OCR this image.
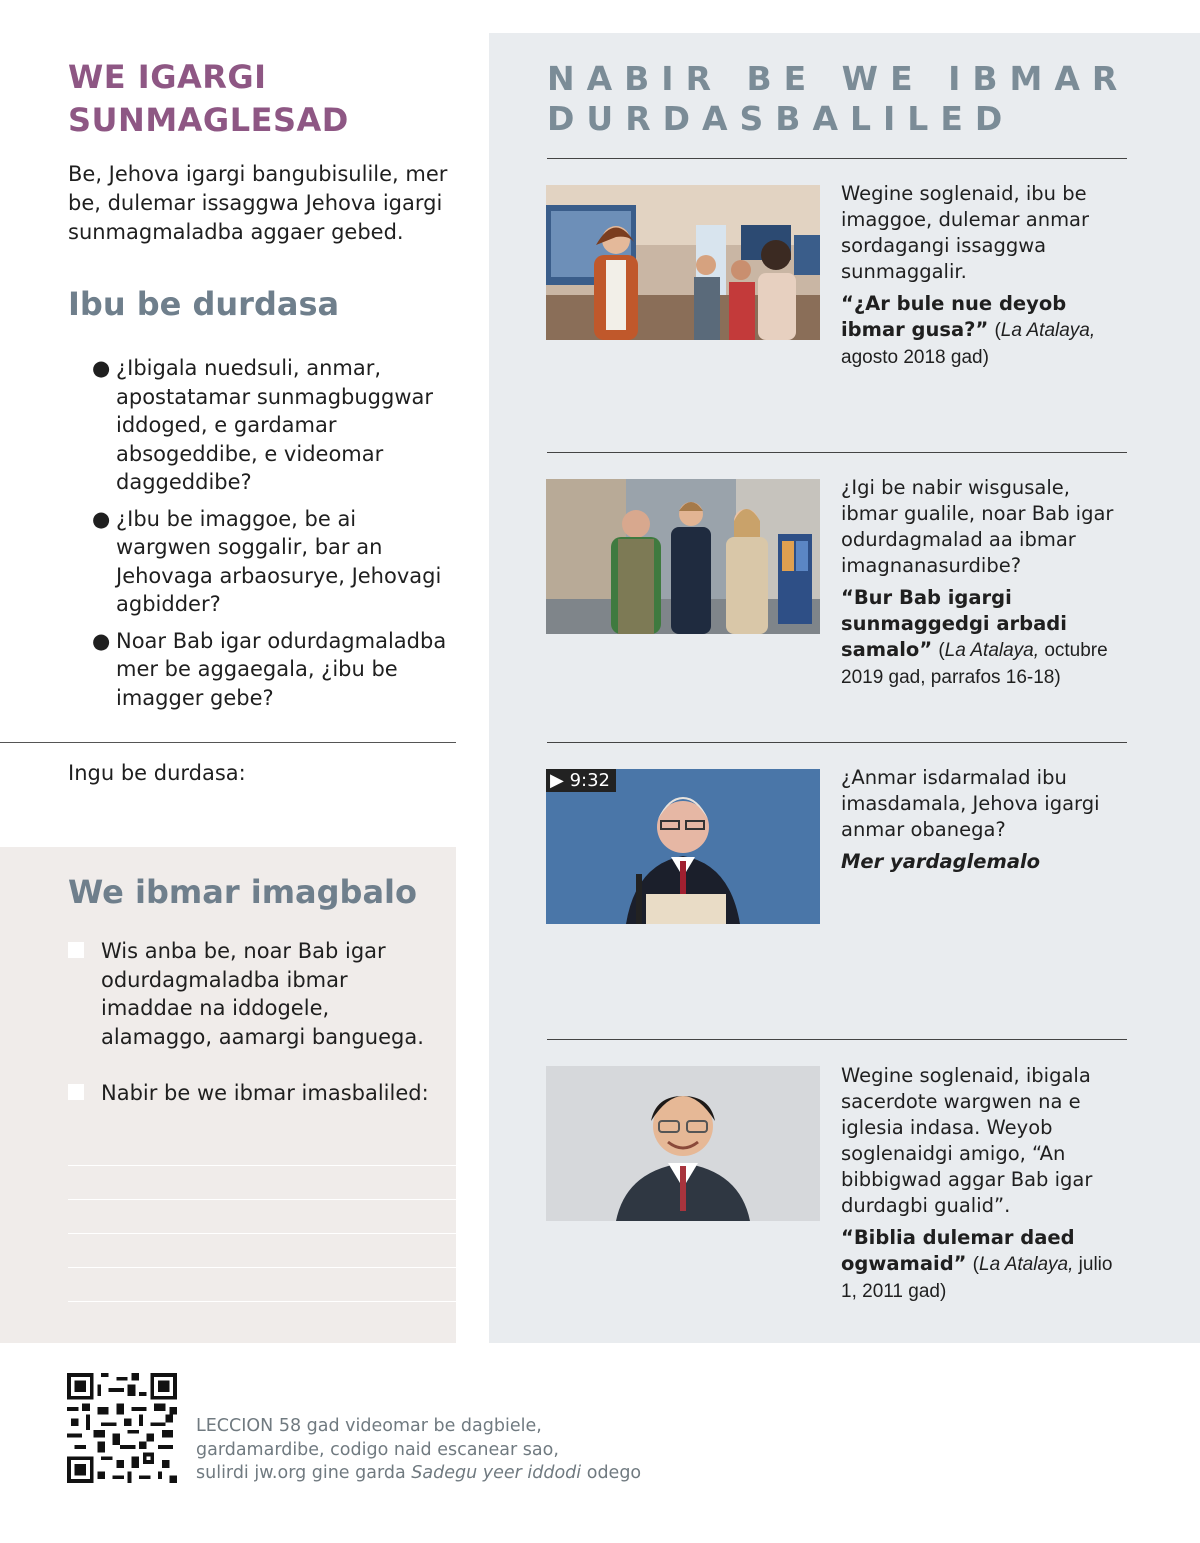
WE IGARGI SUNMAGLESAD

Be, Jehova igargi bangubisulile, mer be, dulemar issaggwa Jehova igargi sunmagmaladba aggaer gebed.

Ibu be durdasa
● ¿Ibigala nuedsuli, anmar, apostatamar sunmagbuggwar iddoged, e gardamar absogeddibe, e videomar daggeddibe?
● ¿Ibu be imaggoe, be ai wargwen soggalir, bar an Jehovaga arbaosurye, Jehovagi agbidder?
● Noar Bab igar odurdagmaladba mer be aggaegala, ¿ibu be imagger gebe?
Ingu be durdasa:
We ibmar imagbalo
Wis anba be, noar Bab igar odurdagmaladba ibmar imaddae na iddogele, alamaggo, aamargi banguega.
Nabir be we ibmar imasbaliled:
NABIR BE WE IBMAR DURDASBALILED
Wegine soglenaid, ibu be imaggoe, dulemar anmar sordagangi issaggwa sunmaggalir.
“¿Ar bule nue deyob ibmar gusa?” (La Atalaya, agosto 2018 gad)
¿Igi be nabir wisgusale, ibmar gualile, noar Bab igar odurdagmalad aa ibmar imagnanasurdibe?
“Bur Bab igargi sunmaggedgi arbadi samalo” (La Atalaya, octubre 2019 gad, parrafos 16-18)
▶ 9:32	¿Anmar isdarmalad ibu imasdamala, Jehova igargi anmar obanega?
Mer yardaglemalo
Wegine soglenaid, ibigala sacerdote wargwen na e iglesia indasa. Weyob soglenaidgi amigo, “An bibbigwad aggar Bab igar durdagbi gualid”.
“Biblia dulemar daed ogwamaid” (La Atalaya, julio 1, 2011 gad)
LECCION 58 gad videomar be dagbiele,
gardamardibe, codigo naid escanear sao,
sulirdi jw.org gine garda Sadegu yeer iddodi odego
